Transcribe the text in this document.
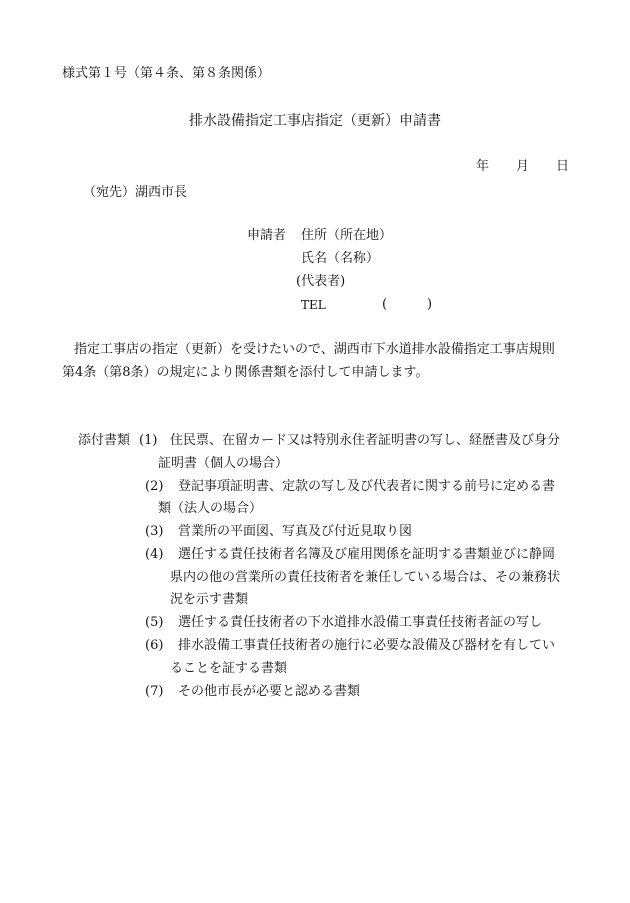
様式第１号（第４条、第８条関係）
排水設備指定工事店指定（更新）申請書
年 月 日
（宛先）湖西市長
申請者 住所（所在地）
氏名（名称）
(代表者)
TEL	(	)
指定工事店の指定（更新）を受けたいので、湖西市下水道排水設備指定工事店規則
第4条（第8条）の規定により関係書類を添付して申請します。
添付書類 (1) 住民票、在留カード又は特別永住者証明書の写し、経歴書及び身分
証明書（個人の場合）
(2) 登記事項証明書、定款の写し及び代表者に関する前号に定める書
類（法人の場合）
(3) 営業所の平面図、写真及び付近見取り図
(4) 選任する責任技術者名簿及び雇用関係を証明する書類並びに静岡
県内の他の営業所の責任技術者を兼任している場合は、その兼務状
況を示す書類
(5) 選任する責任技術者の下水道排水設備工事責任技術者証の写し
(6) 排水設備工事責任技術者の施行に必要な設備及び器材を有してい
ることを証する書類
(7) その他市長が必要と認める書類
